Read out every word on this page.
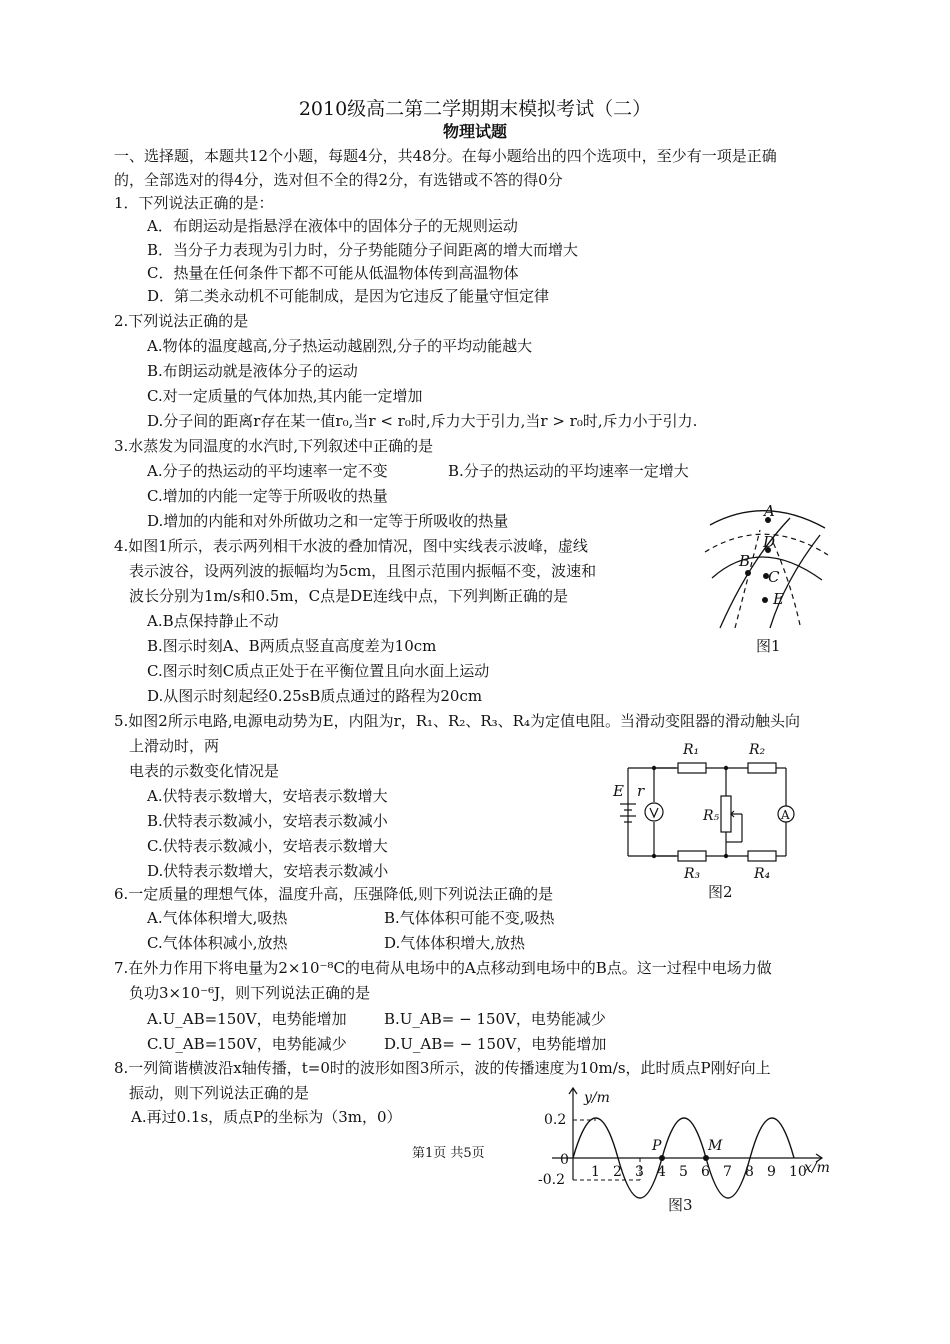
2010级高二第二学期期末模拟考试（二）
物理试题
一、选择题，本题共12个小题，每题4分，共48分。在每小题给出的四个选项中，至少有一项是正确
的，全部选对的得4分，选对但不全的得2分，有选错或不答的得0分
1．下列说法正确的是：
A．布朗运动是指悬浮在液体中的固体分子的无规则运动
B．当分子力表现为引力时，分子势能随分子间距离的增大而增大
C．热量在任何条件下都不可能从低温物体传到高温物体
D．第二类永动机不可能制成，是因为它违反了能量守恒定律
2.下列说法正确的是
A.物体的温度越高,分子热运动越剧烈,分子的平均动能越大
B.布朗运动就是液体分子的运动
C.对一定质量的气体加热,其内能一定增加
D.分子间的距离r存在某一值r₀,当r < r₀时,斥力大于引力,当r > r₀时,斥力小于引力.
3.水蒸发为同温度的水汽时,下列叙述中正确的是
A.分子的热运动的平均速率一定不变	B.分子的热运动的平均速率一定增大
C.增加的内能一定等于所吸收的热量
D.增加的内能和对外所做功之和一定等于所吸收的热量
4.如图1所示，表示两列相干水波的叠加情况，图中实线表示波峰，虚线
表示波谷，设两列波的振幅均为5cm，且图示范围内振幅不变，波速和
波长分别为1m/s和0.5m，C点是DE连线中点，下列判断正确的是
A.B点保持静止不动
B.图示时刻A、B两质点竖直高度差为10cm
C.图示时刻C质点正处于在平衡位置且向水面上运动
D.从图示时刻起经0.25sB质点通过的路程为20cm
A
B
C
D
E
图1
5.如图2所示电路,电源电动势为E，内阻为r，R₁、R₂、R₃、R₄为定值电阻。当滑动变阻器的滑动触头向
上滑动时，两
电表的示数变化情况是
A.伏特表示数增大，安培表示数增大
B.伏特表示数减小，安培表示数减小
C.伏特表示数减小，安培表示数增大
D.伏特表示数增大，安培表示数减小
A
R₁	R₂
R₃	R₄
R₅
E r
图2
6.一定质量的理想气体，温度升高，压强降低,则下列说法正确的是
A.气体体积增大,吸热	B.气体体积可能不变,吸热
C.气体体积减小,放热	D.气体体积增大,放热
7.在外力作用下将电量为2×10⁻⁸C的电荷从电场中的A点移动到电场中的B点。这一过程中电场力做
负功3×10⁻⁶J，则下列说法正确的是
A.U_AB=150V，电势能增加 B.U_AB= − 150V，电势能减少
C.U_AB=150V，电势能减少 D.U_AB= − 150V，电势能增加
8.一列简谐横波沿x轴传播，t=0时的波形如图3所示，波的传播速度为10m/s，此时质点P刚好向上
振动，则下列说法正确的是
A.再过0.1s，质点P的坐标为（3m，0）
y/m
x/m
0.2
-0.2
0
P	M
1 2 3 4 5 6 7 8 9 10
图3
第1页 共5页
